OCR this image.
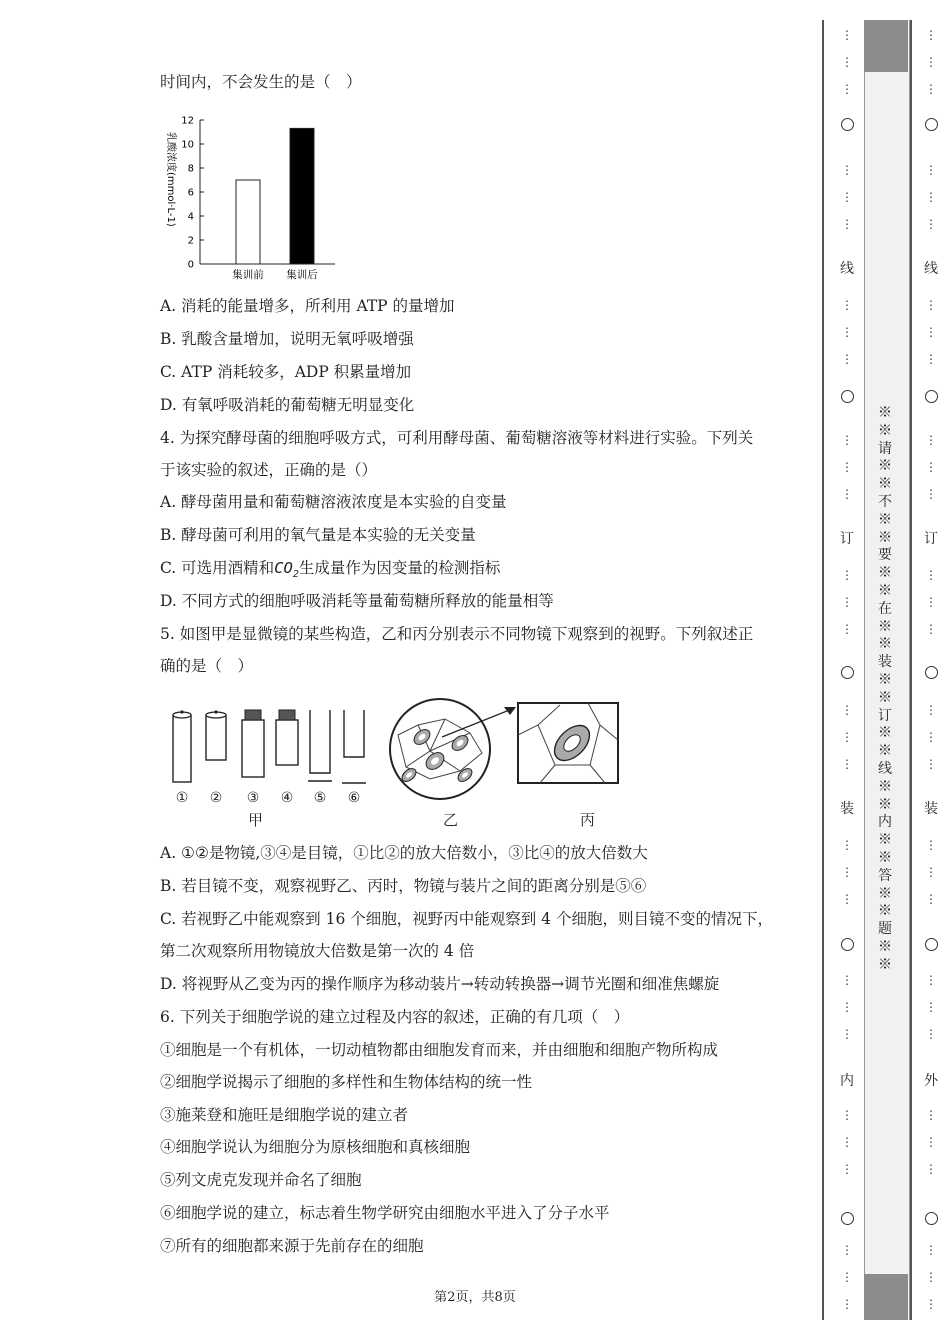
时间内，不会发生的是（　）
乳酸浓度(mmol·L-1)
0
2
4
6
8
10
12
集训前 集训后
A. 消耗的能量增多，所利用 ATP 的量增加
B. 乳酸含量增加，说明无氧呼吸增强
C. ATP 消耗较多，ADP 积累量增加
D. 有氧呼吸消耗的葡萄糖无明显变化
4. 为探究酵母菌的细胞呼吸方式，可利用酵母菌、葡萄糖溶液等材料进行实验。下列关
于该实验的叙述，正确的是（）
A. 酵母菌用量和葡萄糖溶液浓度是本实验的自变量
B. 酵母菌可利用的氧气量是本实验的无关变量
C. 可选用酒精和$CO_2$生成量作为因变量的检测指标
D. 不同方式的细胞呼吸消耗等量葡萄糖所释放的能量相等
5. 如图甲是显微镜的某些构造，乙和丙分别表示不同物镜下观察到的视野。下列叙述正
确的是（　）
① ② ③ ④ ⑤ ⑥
甲	乙	丙
A. ①②是物镜,③④是目镜，①比②的放大倍数小，③比④的放大倍数大
B. 若目镜不变，观察视野乙、丙时，物镜与装片之间的距离分别是⑤⑥
C. 若视野乙中能观察到 16 个细胞，视野丙中能观察到 4 个细胞，则目镜不变的情况下，
第二次观察所用物镜放大倍数是第一次的 4 倍
D. 将视野从乙变为丙的操作顺序为移动装片→转动转换器→调节光圈和细准焦螺旋
6. 下列关于细胞学说的建立过程及内容的叙述，正确的有几项（　）
①细胞是一个有机体，一切动植物都由细胞发育而来，并由细胞和细胞产物所构成
②细胞学说揭示了细胞的多样性和生物体结构的统一性
③施莱登和施旺是细胞学说的建立者
④细胞学说认为细胞分为原核细胞和真核细胞
⑤列文虎克发现并命名了细胞
⑥细胞学说的建立，标志着生物学研究由细胞水平进入了分子水平
⑦所有的细胞都来源于先前存在的细胞
第2页，共8页
※※请※※不※※要※※在※※装※※订※※线※※内※※答※※题※※
线
订
装
内
⋮
⋮
⋮
⋮
⋮
⋮
⋮
⋮
⋮
⋮
⋮
⋮
⋮
⋮
⋮
⋮
⋮
⋮
⋮
⋮
⋮
⋮
⋮
⋮
⋮
⋮
⋮
⋮
⋮
⋮
线
订
装
外
⋮
⋮
⋮
⋮
⋮
⋮
⋮
⋮
⋮
⋮
⋮
⋮
⋮
⋮
⋮
⋮
⋮
⋮
⋮
⋮
⋮
⋮
⋮
⋮
⋮
⋮
⋮
⋮
⋮
⋮
